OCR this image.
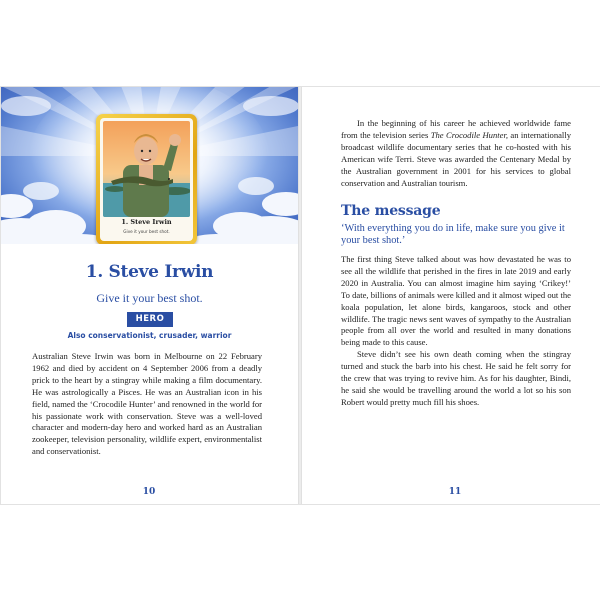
1. Steve Irwin
Give it your best shot.
1. Steve Irwin
Give it your best shot.
HERO
Also conservationist, crusader, warrior

Australian Steve Irwin was born in Melbourne on 22 February 1962 and died by accident on 4 September 2006 from a deadly prick to the heart by a stingray while making a film documentary. He was astrologically a Pisces. He was an Australian icon in his field, named the ‘Crocodile Hunter’ and renowned in the world for his passionate work with conservation. Steve was a well-loved character and modern-day hero and worked hard as an Australian zookeeper, television personality, wildlife expert, environmentalist and conservationist.

10

In the beginning of his career he achieved worldwide fame from the television series The Crocodile Hunter, an internationally broadcast wildlife documentary series that he co-hosted with his American wife Terri. Steve was awarded the Centenary Medal by the Australian government in 2001 for his services to global conservation and Australian tourism.

The message
‘With everything you do in life, make sure you give it your best shot.’

The first thing Steve talked about was how devastated he was to see all the wildlife that perished in the fires in late 2019 and early 2020 in Australia. You can almost imagine him saying ‘Crikey!’ To date, billions of animals were killed and it almost wiped out the koala population, let alone birds, kangaroos, stock and other wildlife. The tragic news sent waves of sympathy to the Australian people from all over the world and resulted in many donations being made to this cause.

Steve didn’t see his own death coming when the stingray turned and stuck the barb into his chest. He said he felt sorry for the crew that was trying to revive him. As for his daughter, Bindi, he said she would be travelling around the world a lot so his son Robert would pretty much fill his shoes.

11
